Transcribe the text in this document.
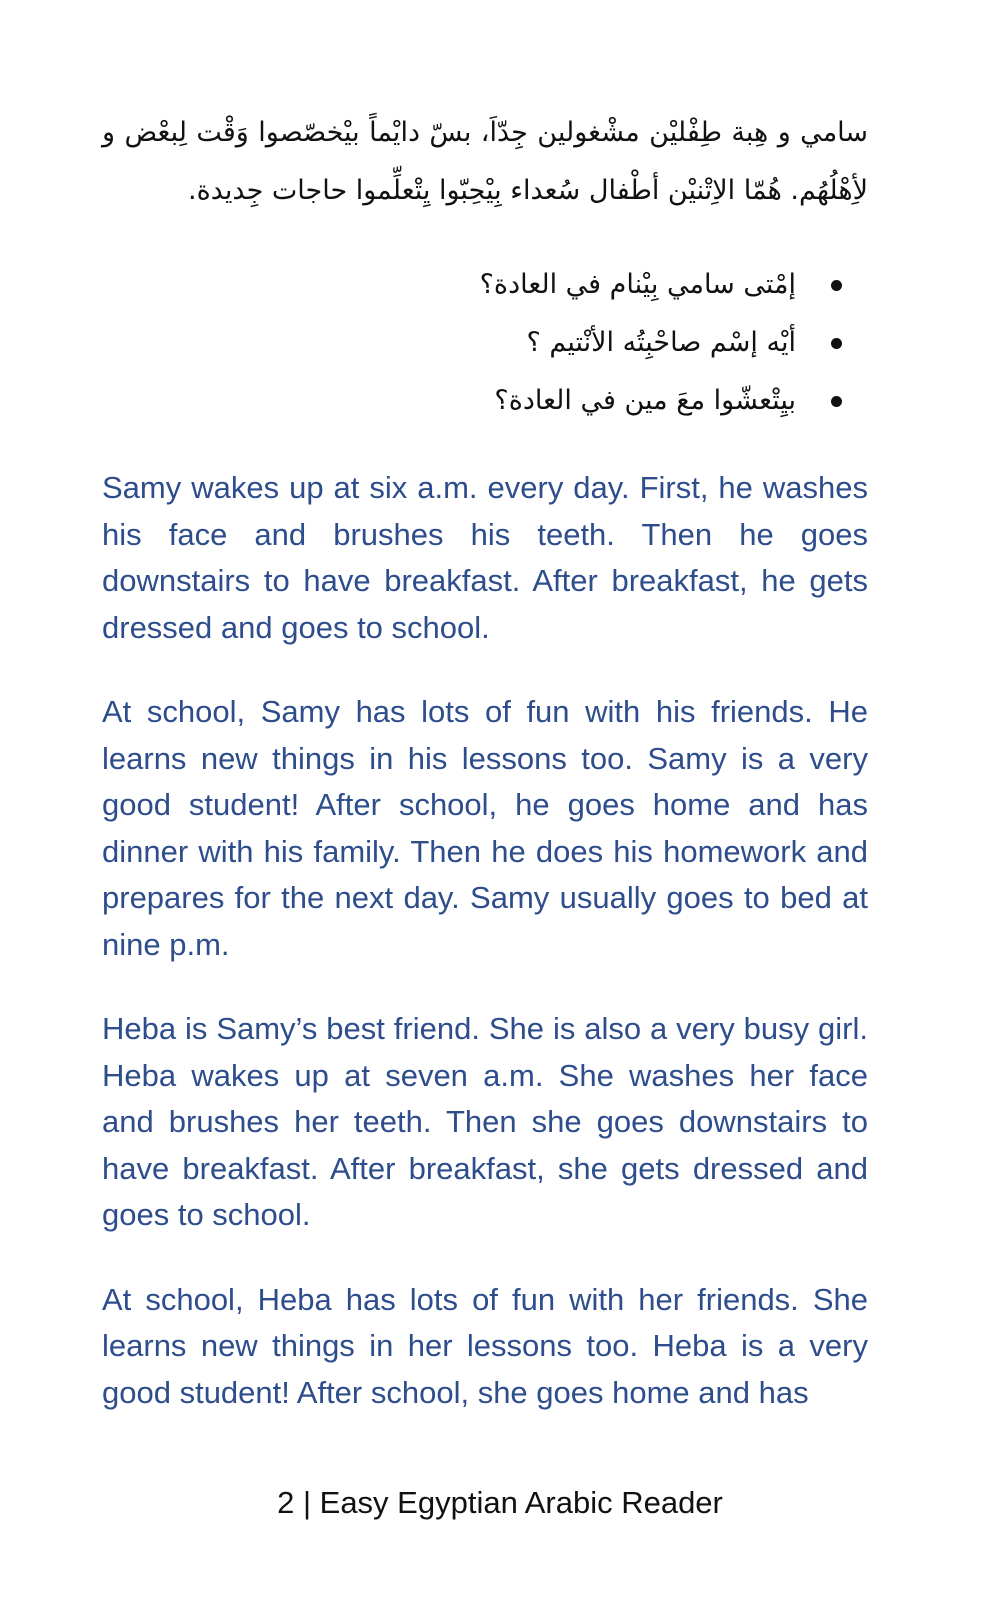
سامي و هِبة طِفْليْن مشْغولين جِدّاَ، بسّ دايْماً بيْخصّصوا وَقْت لِبعْض و لأِهْلُهُم. هُمّا الاِتْنيْن أطْفال سُعداء بِيْحِبّوا يِتْعلِّموا حاجات جِديدة.

إمْتى سامي بِيْنام في العادة؟
أيْه إسْم صاحْبِتُه الأنْتيم ؟
بيِتْعشّوا معَ مين في العادة؟

Samy wakes up at six a.m. every day. First, he washes his face and brushes his teeth. Then he goes downstairs to have breakfast. After breakfast, he gets dressed and goes to school.

At school, Samy has lots of fun with his friends. He learns new things in his lessons too. Samy is a very good student! After school, he goes home and has dinner with his family. Then he does his homework and prepares for the next day. Samy usually goes to bed at nine p.m.

Heba is Samy’s best friend. She is also a very busy girl. Heba wakes up at seven a.m. She washes her face and brushes her teeth. Then she goes downstairs to have breakfast. After breakfast, she gets dressed and goes to school.

At school, Heba has lots of fun with her friends. She learns new things in her lessons too. Heba is a very good student! After school, she goes home and has

2 | Easy Egyptian Arabic Reader
